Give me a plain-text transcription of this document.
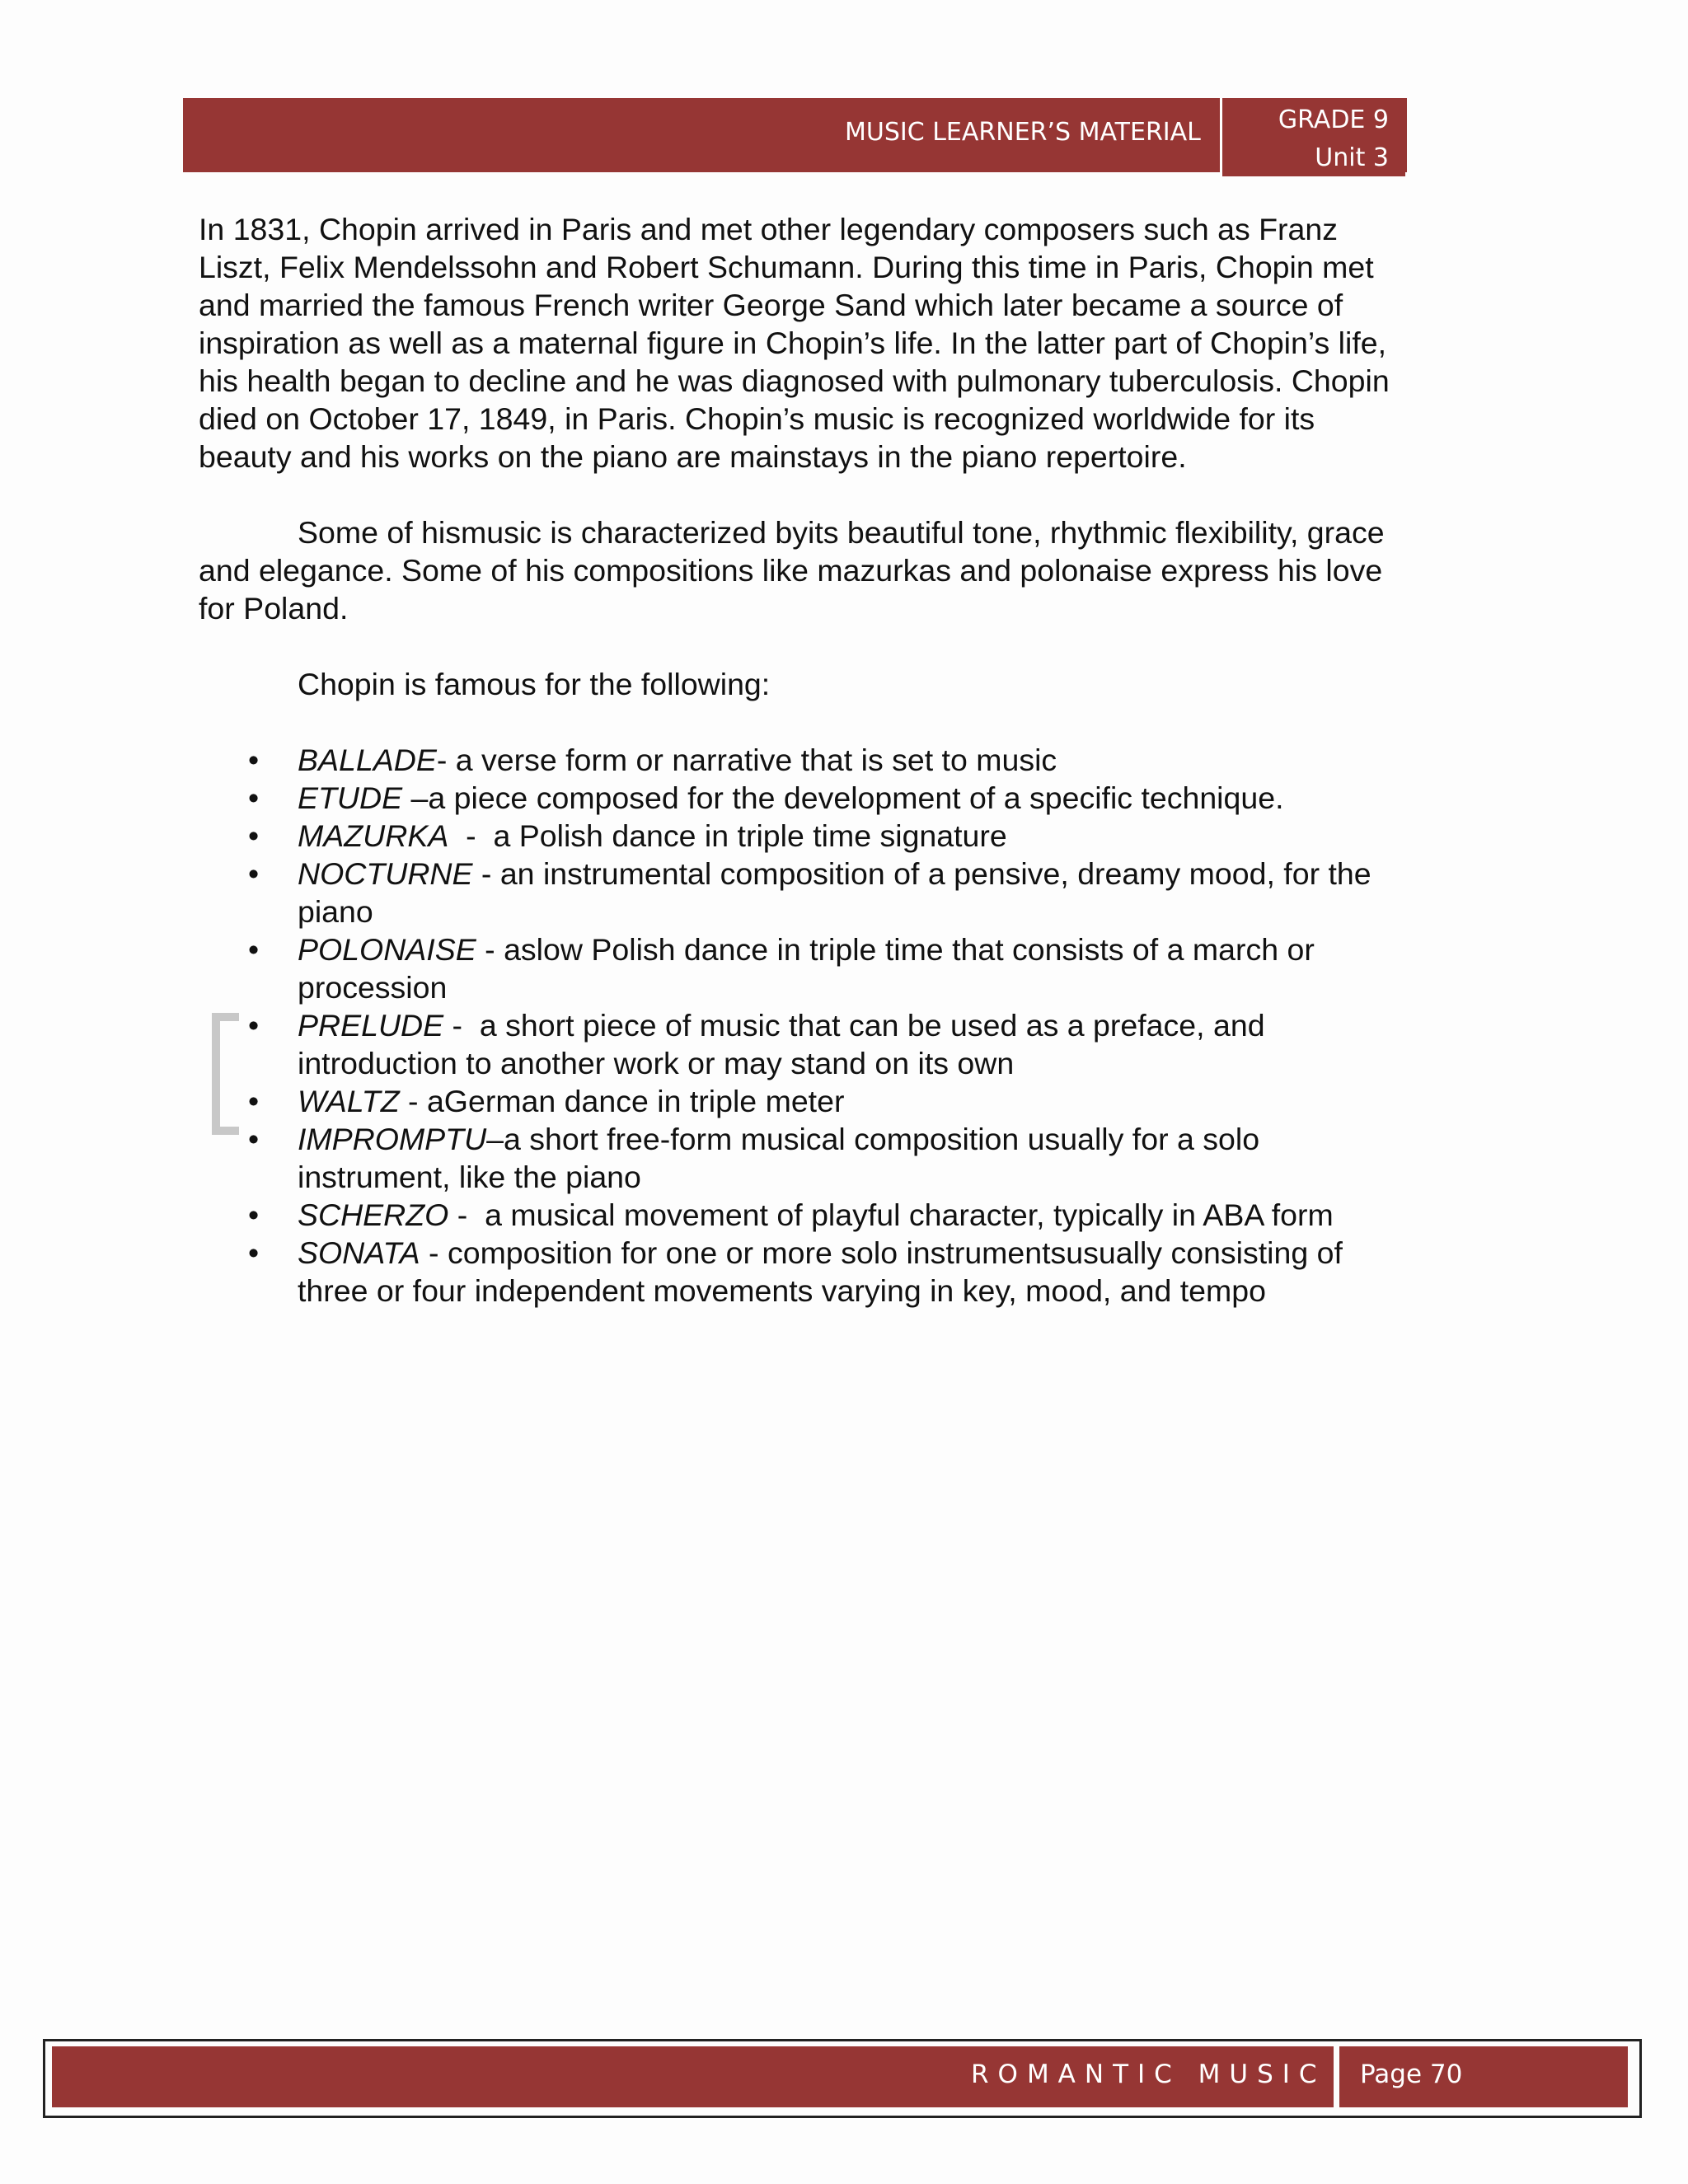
MUSIC LEARNER’S MATERIAL	GRADE 9
Unit 3

In 1831, Chopin arrived in Paris and met other legendary composers such as Franz Liszt, Felix Mendelssohn and Robert Schumann. During this time in Paris, Chopin met and married the famous French writer George Sand which later became a source of inspiration as well as a maternal figure in Chopin’s life. In the latter part of Chopin’s life, his health began to decline and he was diagnosed with pulmonary tuberculosis. Chopin died on October 17, 1849, in Paris. Chopin’s music is recognized worldwide for its beauty and his works on the piano are mainstays in the piano repertoire.

Some of hismusic is characterized byits beautiful tone, rhythmic flexibility, grace and elegance. Some of his compositions like mazurkas and polonaise express his love for Poland.

Chopin is famous for the following:

• BALLADE- a verse form or narrative that is set to music
• ETUDE –a piece composed for the development of a specific technique.
• MAZURKA  -  a Polish dance in triple time signature
• NOCTURNE - an instrumental composition of a pensive, dreamy mood, for the piano
• POLONAISE - aslow Polish dance in triple time that consists of a march or procession
• PRELUDE -  a short piece of music that can be used as a preface, and introduction to another work or may stand on its own
• WALTZ - aGerman dance in triple meter
• IMPROMPTU–a short free-form musical composition usually for a solo instrument, like the piano
• SCHERZO -  a musical movement of playful character, typically in ABA form
• SONATA - composition for one or more solo instrumentsusually consisting of three or four independent movements varying in key, mood, and tempo
ROMANTIC MUSIC Page 70
